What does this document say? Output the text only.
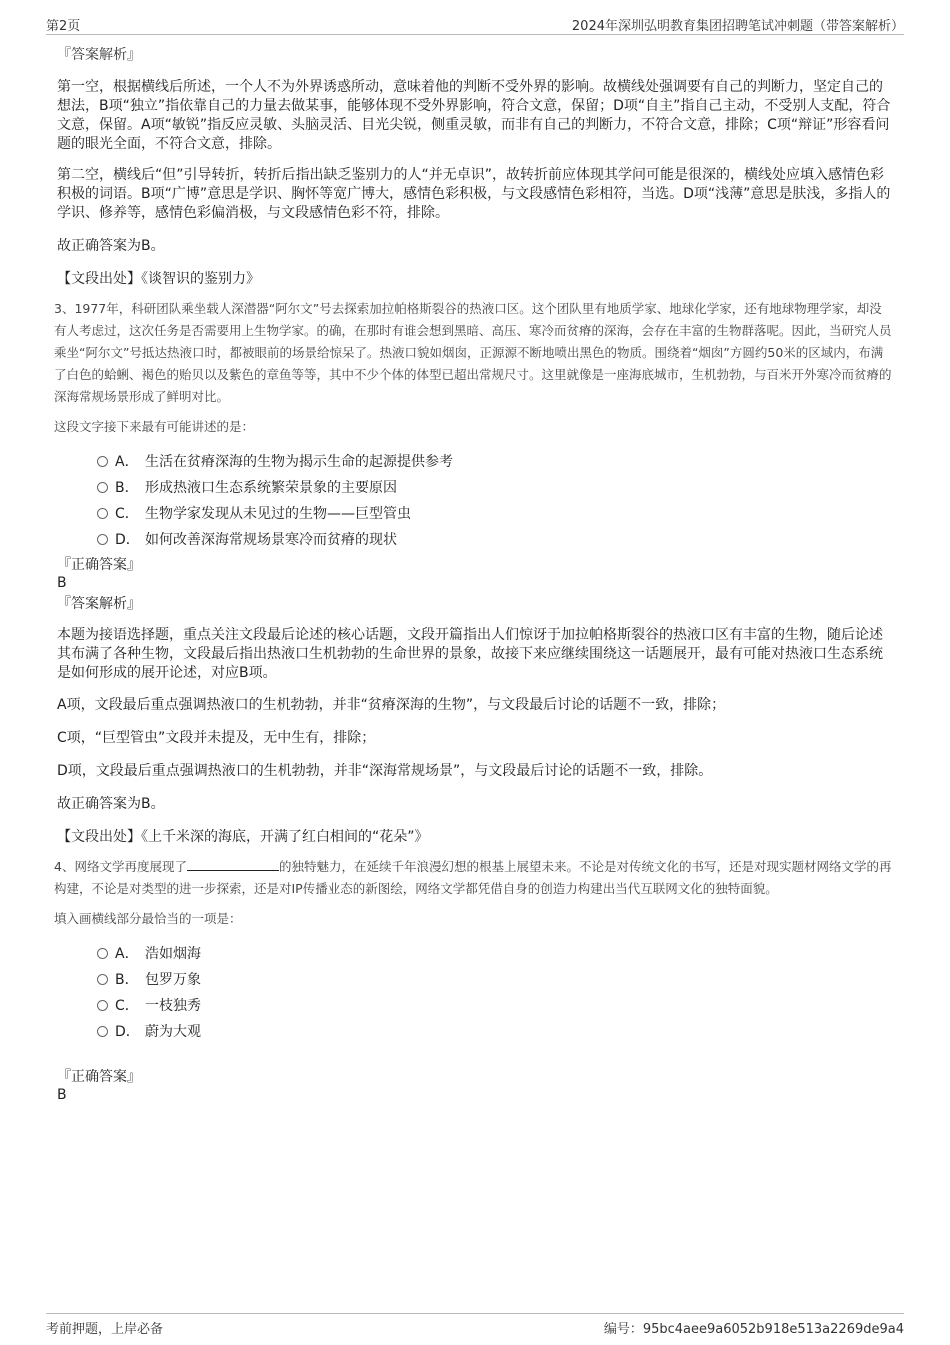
第2页	2024年深圳弘明教育集团招聘笔试冲刺题（带答案解析）
『答案解析』

第一空，根据横线后所述，一个人不为外界诱惑所动，意味着他的判断不受外界的影响。故横线处强调要有自己的判断力，坚定自己的想法，B项“独立”指依靠自己的力量去做某事，能够体现不受外界影响，符合文意，保留；D项“自主”指自己主动，不受别人支配，符合文意，保留。A项“敏锐”指反应灵敏、头脑灵活、目光尖锐，侧重灵敏，而非有自己的判断力，不符合文意，排除；C项“辩证”形容看问题的眼光全面，不符合文意，排除。

第二空，横线后“但”引导转折，转折后指出缺乏鉴别力的人“并无卓识”，故转折前应体现其学问可能是很深的，横线处应填入感情色彩积极的词语。B项“广博”意思是学识、胸怀等宽广博大，感情色彩积极，与文段感情色彩相符，当选。D项“浅薄”意思是肤浅，多指人的学识、修养等，感情色彩偏消极，与文段感情色彩不符，排除。

故正确答案为B。

【文段出处】《谈智识的鉴别力》

3、1977年，科研团队乘坐载人深潜器“阿尔文”号去探索加拉帕格斯裂谷的热液口区。这个团队里有地质学家、地球化学家，还有地球物理学家，却没有人考虑过，这次任务是否需要用上生物学家。的确，在那时有谁会想到黑暗、高压、寒冷而贫瘠的深海，会存在丰富的生物群落呢。因此，当研究人员乘坐“阿尔文”号抵达热液口时，都被眼前的场景给惊呆了。热液口貌如烟囱，正源源不断地喷出黑色的物质。围绕着“烟囱”方圆约50米的区域内，布满了白色的蛤蜊、褐色的贻贝以及紫色的章鱼等等，其中不少个体的体型已超出常规尺寸。这里就像是一座海底城市，生机勃勃，与百米开外寒冷而贫瘠的深海常规场景形成了鲜明对比。

这段文字接下来最有可能讲述的是：

A． 生活在贫瘠深海的生物为揭示生命的起源提供参考
B． 形成热液口生态系统繁荣景象的主要原因
C． 生物学家发现从未见过的生物——巨型管虫
D． 如何改善深海常规场景寒冷而贫瘠的现状
『正确答案』
B
『答案解析』

本题为接语选择题，重点关注文段最后论述的核心话题，文段开篇指出人们惊讶于加拉帕格斯裂谷的热液口区有丰富的生物，随后论述其布满了各种生物，文段最后指出热液口生机勃勃的生命世界的景象，故接下来应继续围绕这一话题展开，最有可能对热液口生态系统是如何形成的展开论述，对应B项。

A项，文段最后重点强调热液口的生机勃勃，并非“贫瘠深海的生物”，与文段最后讨论的话题不一致，排除；

C项，“巨型管虫”文段并未提及，无中生有，排除；

D项，文段最后重点强调热液口的生机勃勃，并非“深海常规场景”，与文段最后讨论的话题不一致，排除。

故正确答案为B。

【文段出处】《上千米深的海底，开满了红白相间的“花朵”》

4、网络文学再度展现了	的独特魅力，在延续千年浪漫幻想的根基上展望未来。不论是对传统文化的书写，还是对现实题材网络文学的再构建，不论是对类型的进一步探索，还是对IP传播业态的新图绘，网络文学都凭借自身的创造力构建出当代互联网文化的独特面貌。

填入画横线部分最恰当的一项是：

A． 浩如烟海
B． 包罗万象
C． 一枝独秀
D． 蔚为大观
『正确答案』
B
考前押题，上岸必备	编号：95bc4aee9a6052b918e513a2269de9a4
